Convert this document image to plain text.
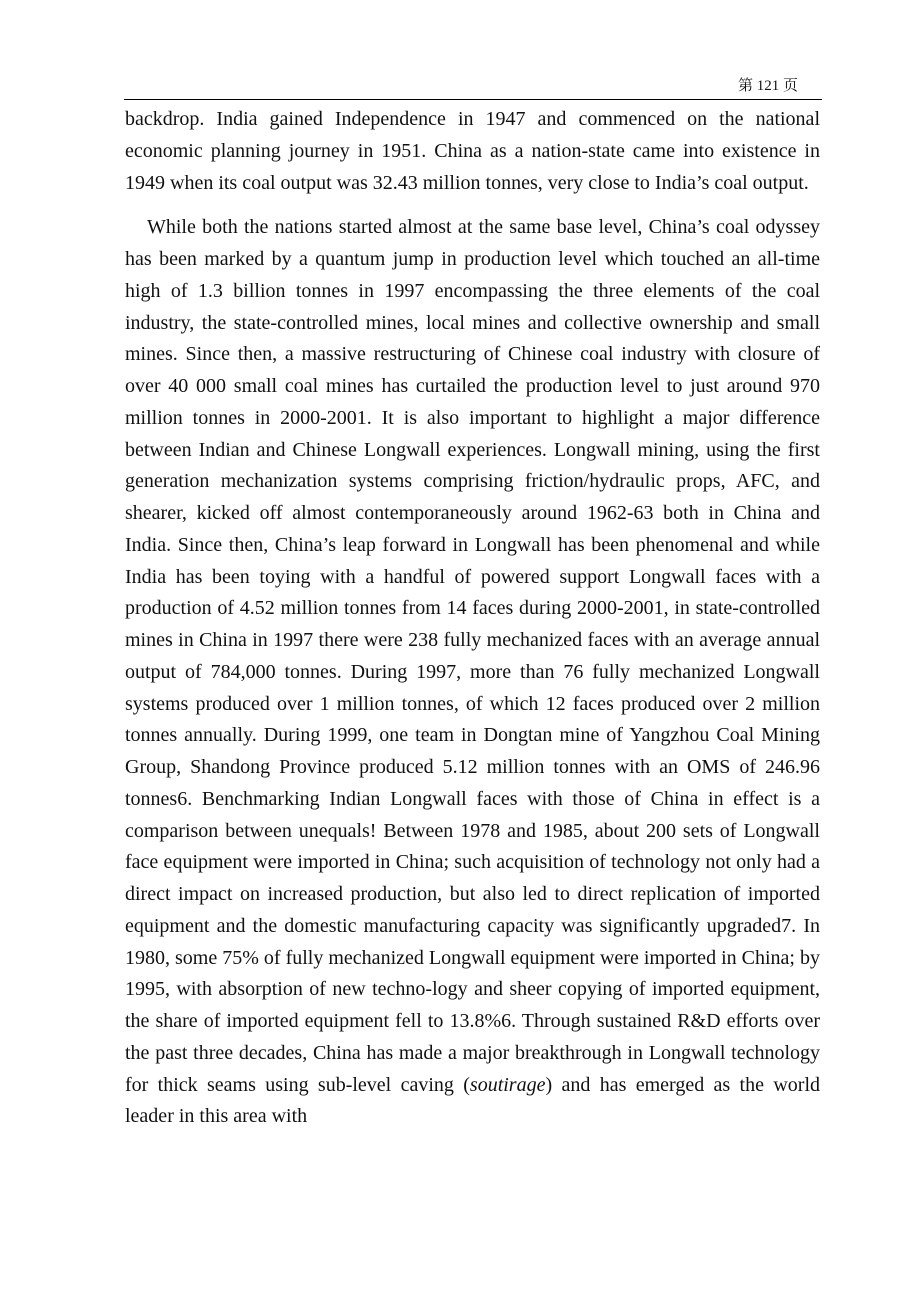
第 121 页

backdrop. India gained Independence in 1947 and commenced on the national economic planning journey in 1951. China as a nation-state came into existence in 1949 when its coal output was 32.43 million tonnes, very close to India’s coal output.

While both the nations started almost at the same base level, China’s coal odyssey has been marked by a quantum jump in production level which touched an all-time high of 1.3 billion tonnes in 1997 encompassing the three elements of the coal industry, the state-controlled mines, local mines and collective ownership and small mines. Since then, a massive restructuring of Chinese coal industry with closure of over 40 000 small coal mines has curtailed the production level to just around 970 million tonnes in 2000-2001. It is also important to highlight a major difference between Indian and Chinese Longwall experiences. Longwall mining, using the first generation mechanization systems comprising friction/hydraulic props, AFC, and shearer, kicked off almost contemporaneously around 1962-63 both in China and India. Since then, China’s leap forward in Longwall has been phenomenal and while India has been toying with a handful of powered support Longwall faces with a production of 4.52 million tonnes from 14 faces during 2000-2001, in state-controlled mines in China in 1997 there were 238 fully mechanized faces with an average annual output of 784,000 tonnes. During 1997, more than 76 fully mechanized Longwall systems produced over 1 million tonnes, of which 12 faces produced over 2 million tonnes annually. During 1999, one team in Dongtan mine of Yangzhou Coal Mining Group, Shandong Province produced 5.12 million tonnes with an OMS of 246.96 tonnes6. Benchmarking Indian Longwall faces with those of China in effect is a comparison between unequals! Between 1978 and 1985, about 200 sets of Longwall face equipment were imported in China; such acquisition of technology not only had a direct impact on increased production, but also led to direct replication of imported equipment and the domestic manufacturing capacity was significantly upgraded7. In 1980, some 75% of fully mechanized Longwall equipment were imported in China; by 1995, with absorption of new techno-logy and sheer copying of imported equipment, the share of imported equipment fell to 13.8%6. Through sustained R&D efforts over the past three decades, China has made a major breakthrough in Longwall technology for thick seams using sub-level caving (soutirage) and has emerged as the world leader in this area with
